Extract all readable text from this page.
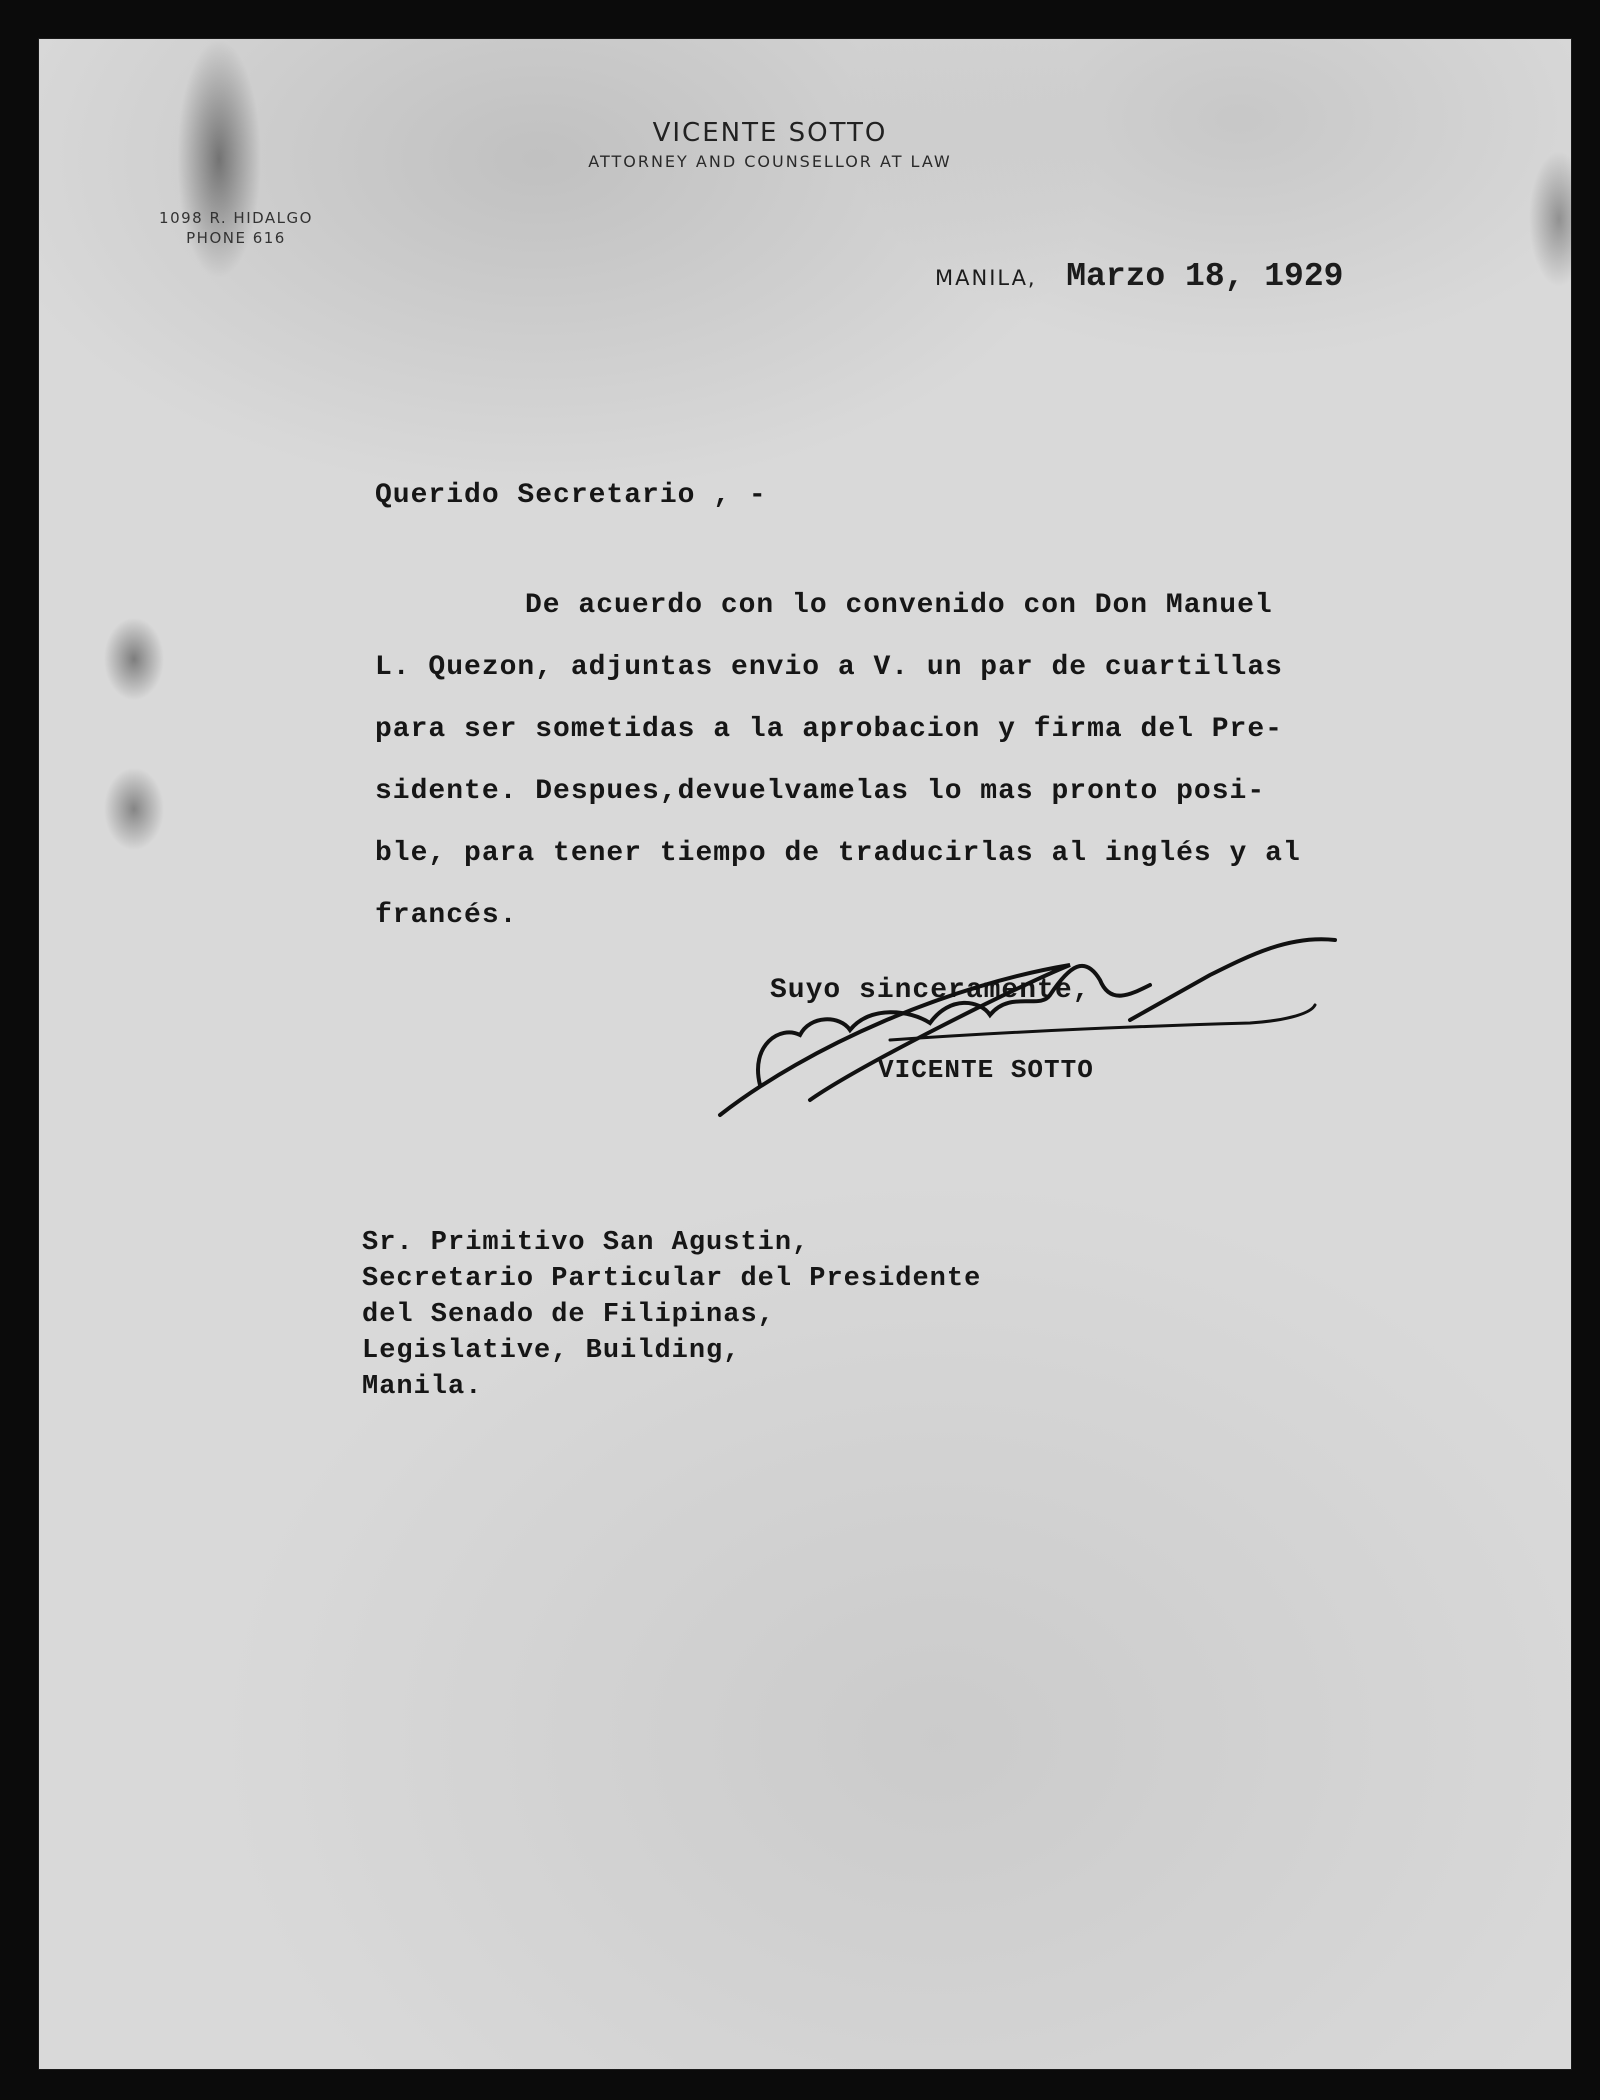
VICENTE SOTTO
ATTORNEY AND COUNSELLOR AT LAW
1098 R. HIDALGO
PHONE 616
MANILA, Marzo 18, 1929
Querido Secretario , -
De acuerdo con lo convenido con Don Manuel
L. Quezon, adjuntas envio a V. un par de cuartillas
para ser sometidas a la aprobacion y firma del Pre-
sidente. Despues,devuelvamelas lo mas pronto posi-
ble, para tener tiempo de traducirlas al inglés y al
francés.
Suyo sinceramente,
VICENTE SOTTO
Sr. Primitivo San Agustin,
Secretario Particular del Presidente
del Senado de Filipinas,
Legislative, Building,
Manila.
